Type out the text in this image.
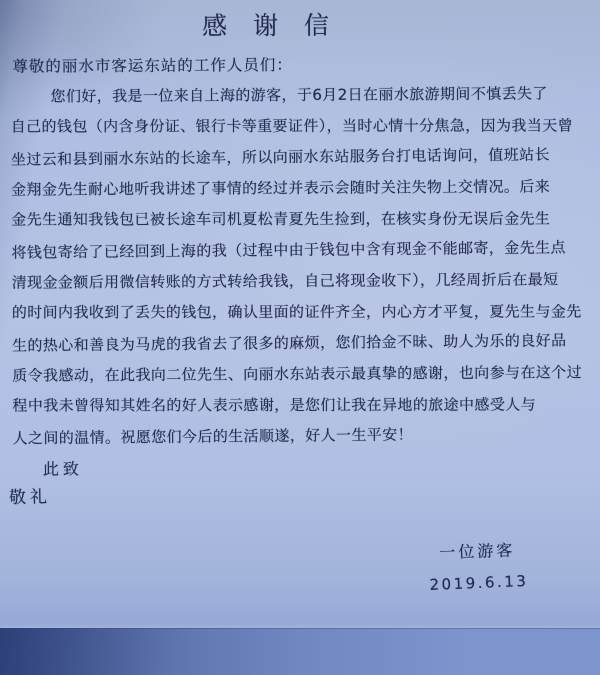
感 谢 信
尊敬的丽水市客运东站的工作人员们：
您们好，我是一位来自上海的游客，于6月2日在丽水旅游期间不慎丢失了
自己的钱包（内含身份证、银行卡等重要证件），当时心情十分焦急，因为我当天曾
坐过云和县到丽水东站的长途车，所以向丽水东站服务台打电话询问，值班站长
金翔金先生耐心地听我讲述了事情的经过并表示会随时关注失物上交情况。后来
金先生通知我钱包已被长途车司机夏松青夏先生捡到，在核实身份无误后金先生
将钱包寄给了已经回到上海的我（过程中由于钱包中含有现金不能邮寄，金先生点
清现金金额后用微信转账的方式转给我钱，自己将现金收下），几经周折后在最短
的时间内我收到了丢失的钱包，确认里面的证件齐全，内心方才平复，夏先生与金先
生的热心和善良为马虎的我省去了很多的麻烦，您们拾金不昧、助人为乐的良好品
质令我感动，在此我向二位先生、向丽水东站表示最真挚的感谢，也向参与在这个过
程中我未曾得知其姓名的好人表示感谢，是您们让我在异地的旅途中感受人与
人之间的温情。祝愿您们今后的生活顺遂，好人一生平安！
此致
敬礼
一位游客
2019.6.13
